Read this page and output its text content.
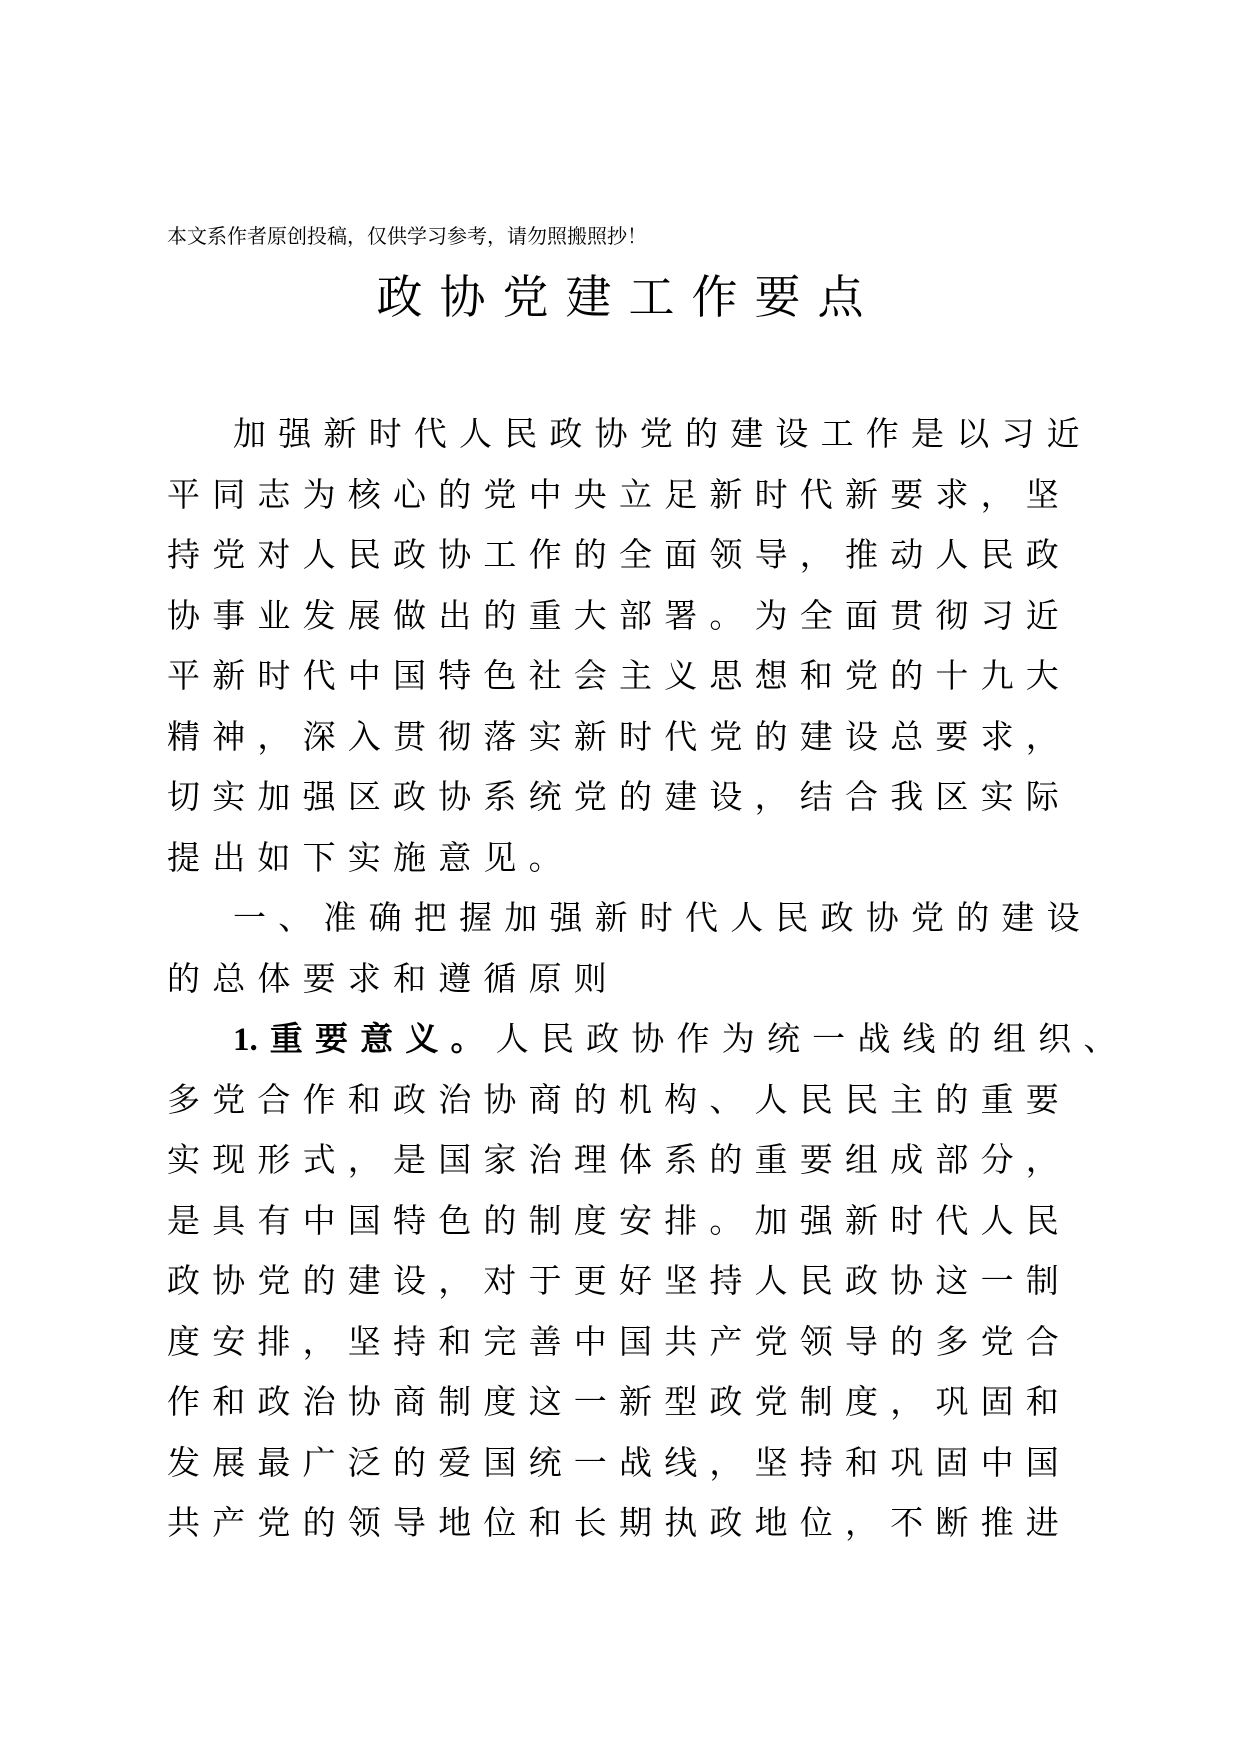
本文系作者原创投稿，仅供学习参考，请勿照搬照抄！
政协党建工作要点
加强新时代人民政协党的建设工作是以习近
平同志为核心的党中央立足新时代新要求，坚
持党对人民政协工作的全面领导，推动人民政
协事业发展做出的重大部署。为全面贯彻习近
平新时代中国特色社会主义思想和党的十九大
精神，深入贯彻落实新时代党的建设总要求，
切实加强区政协系统党的建设，结合我区实际
提出如下实施意见。
一、准确把握加强新时代人民政协党的建设
的总体要求和遵循原则
1. 重要意义。人民政协作为统一战线的组织、
多党合作和政治协商的机构、人民民主的重要
实现形式，是国家治理体系的重要组成部分，
是具有中国特色的制度安排。加强新时代人民
政协党的建设，对于更好坚持人民政协这一制
度安排，坚持和完善中国共产党领导的多党合
作和政治协商制度这一新型政党制度，巩固和
发展最广泛的爱国统一战线，坚持和巩固中国
共产党的领导地位和长期执政地位，不断推进
